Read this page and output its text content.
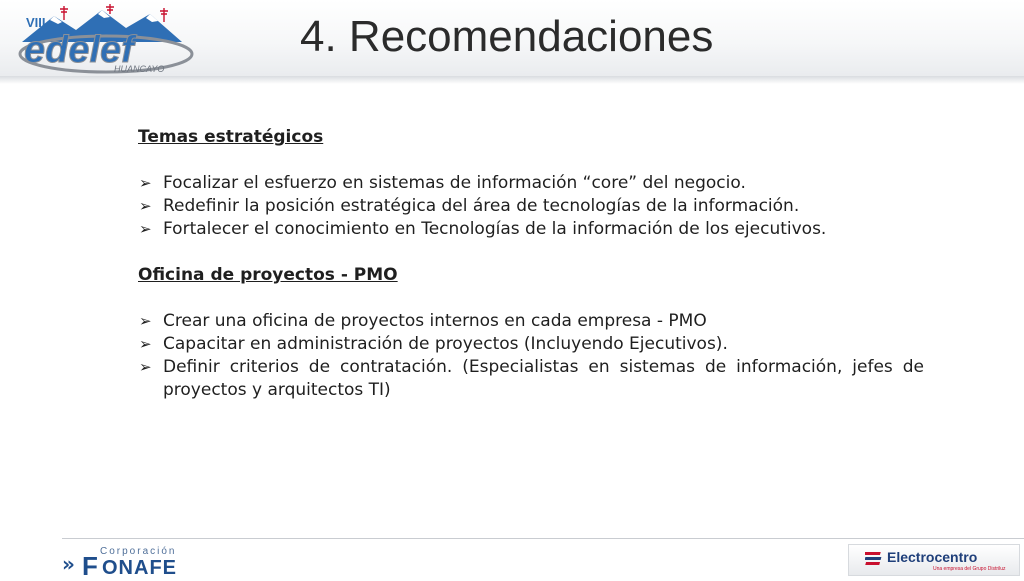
VIII
edelef
HUANCAYO
4. Recomendaciones

Temas estratégicos

➢ Focalizar el esfuerzo en sistemas de información “core” del negocio.
➢ Redefinir la posición estratégica del área de tecnologías de la información.
➢ Fortalecer el conocimiento en Tecnologías de la información de los ejecutivos.

Oficina de proyectos - PMO

➢ Crear una oficina de proyectos internos en cada empresa - PMO
➢ Capacitar en administración de proyectos (Incluyendo Ejecutivos).
➢ Definir criterios de contratación. (Especialistas en sistemas de información, jefes de proyectos y arquitectos TI)
»
Corporación
F ONAFE	Electrocentro
Una empresa del Grupo Distriluz
